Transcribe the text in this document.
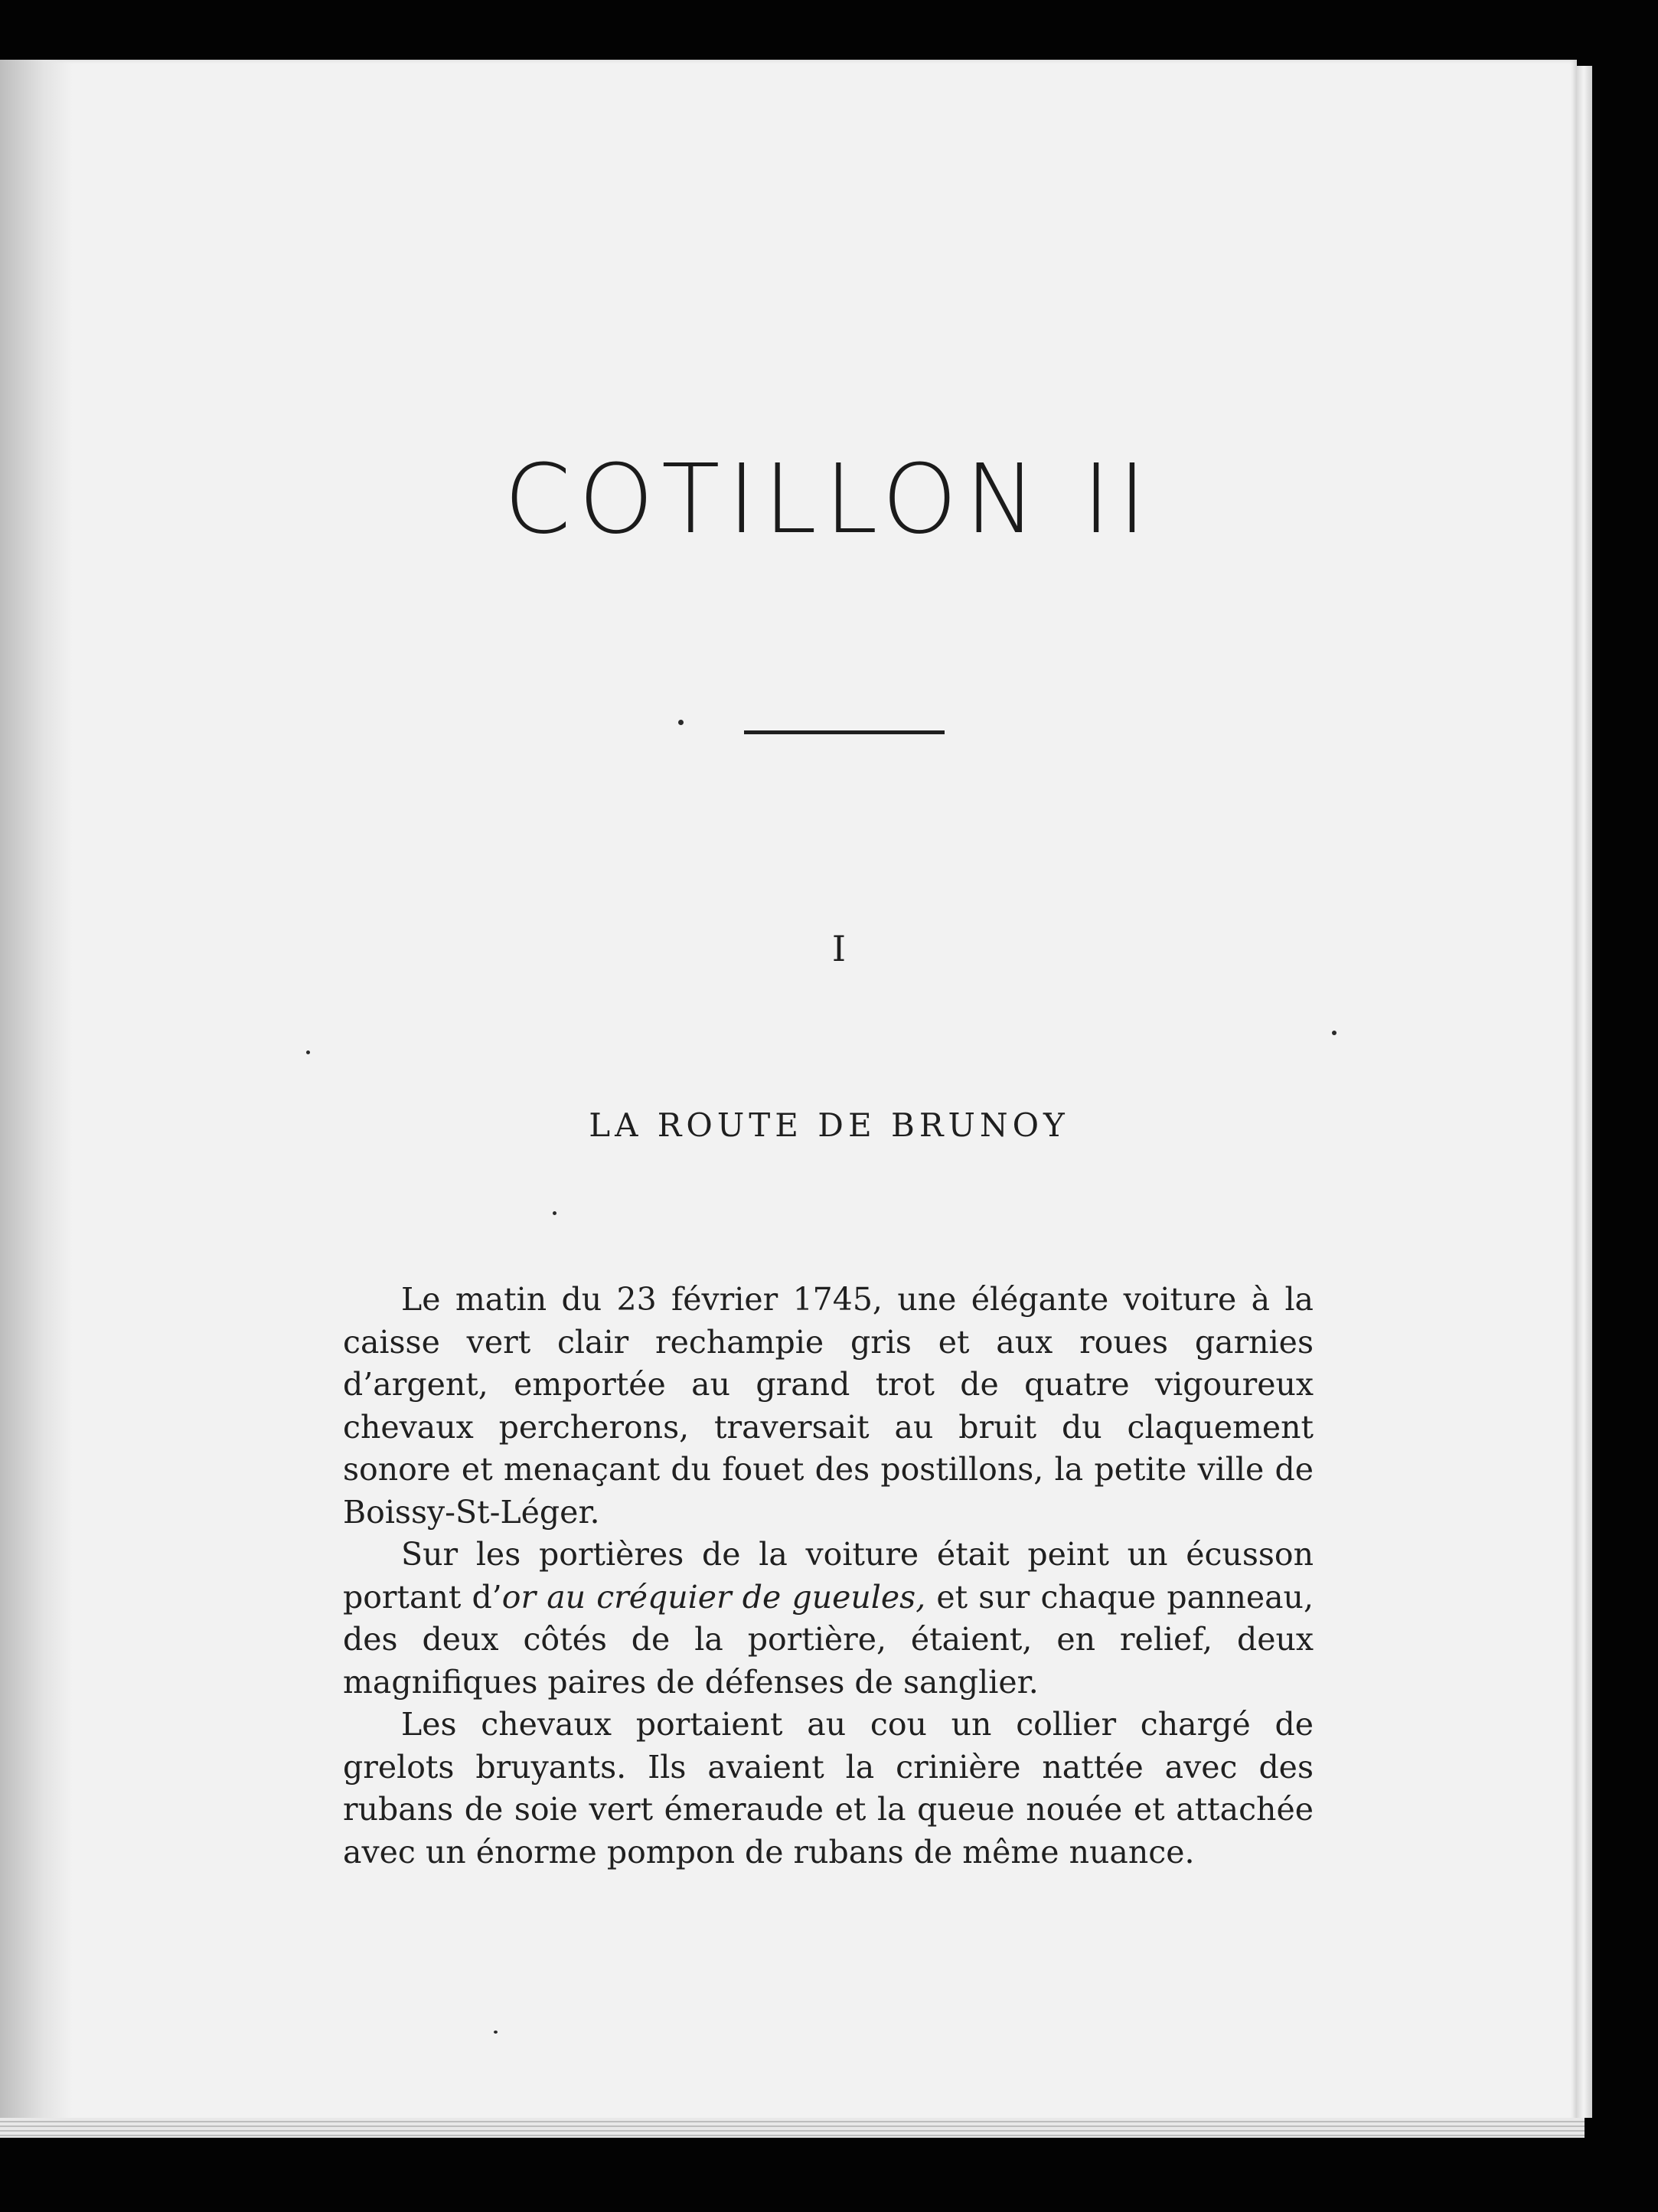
COTILLON II
I
LA ROUTE DE BRUNOY

Le matin du 23 février 1745, une élégante voiture à la caisse vert clair rechampie gris et aux roues garnies d’argent, emportée au grand trot de quatre vigoureux chevaux percherons, traversait au bruit du claquement sonore et menaçant du fouet des postillons, la petite ville de Boissy-St-Léger.

Sur les portières de la voiture était peint un écusson portant d’or au créquier de gueules, et sur chaque panneau, des deux côtés de la portière, étaient, en relief, deux magnifiques paires de défenses de sanglier.

Les chevaux portaient au cou un collier chargé de grelots bruyants. Ils avaient la crinière nattée avec des rubans de soie vert émeraude et la queue nouée et attachée avec un énorme pompon de rubans de même nuance.
